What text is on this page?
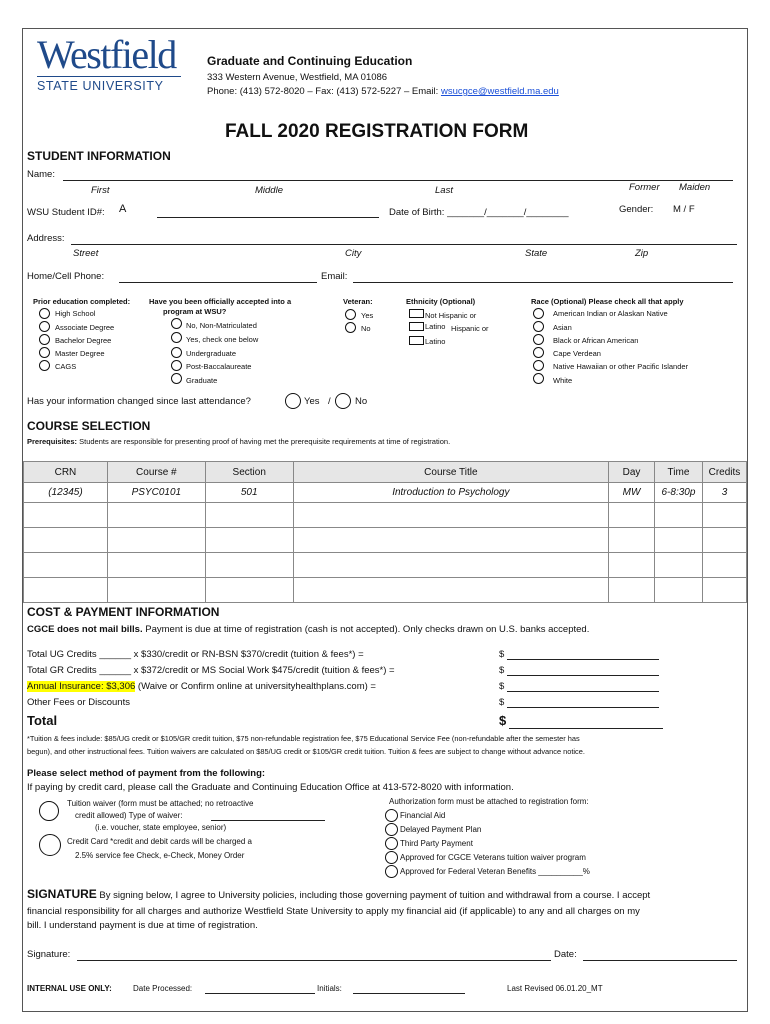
Westfield
STATE UNIVERSITY
Graduate and Continuing Education
333 Western Avenue, Westfield, MA 01086
Phone: (413) 572-8020 – Fax: (413) 572-5227 – Email: wsucgce@westfield.ma.edu
FALL 2020 REGISTRATION FORM
STUDENT INFORMATION
Name:
First	Middle	Last	Former Maiden
WSU Student ID#: A	Date of Birth: _______/_______/________	Gender: M / F
Address:
Street	City	State	Zip
Home/Cell Phone:	Email:
Prior education completed:
High School
Associate Degree
Bachelor Degree
Master Degree
CAGS
Have you been officially accepted into a
program at WSU?
No, Non-Matriculated
Yes, check one below
Undergraduate
Post-Baccalaureate
Graduate
Veteran:
Yes
No
Ethnicity (Optional)
Not Hispanic or
Latino Hispanic or
Latino
Race (Optional) Please check all that apply
American Indian or Alaskan Native
Asian
Black or African American
Cape Verdean
Native Hawaiian or other Pacific Islander
White
Has your information changed since last attendance?	Yes /	No
COURSE SELECTION
Prerequisites: Students are responsible for presenting proof of having met the prerequisite requirements at time of registration.
CRN	Course #	Section	Course Title	Day	Time	Credits
(12345)	PSYC0101	501	Introduction to Psychology	MW	6-8:30p	3

COST & PAYMENT INFORMATION
CGCE does not mail bills. Payment is due at time of registration (cash is not accepted). Only checks drawn on U.S. banks accepted.
Total UG Credits ______ x $330/credit or RN-BSN $370/credit (tuition & fees*) =	$
Total GR Credits ______ x $372/credit or MS Social Work $475/credit (tuition & fees*) =	$
Annual Insurance: $3,306 (Waive or Confirm online at universityhealthplans.com) =	$
Other Fees or Discounts	$
Total	$
*Tuition & fees include: $85/UG credit or $105/GR credit tuition, $75 non-refundable registration fee, $75 Educational Service Fee (non-refundable after the semester has
begun), and other instructional fees. Tuition waivers are calculated on $85/UG credit or $105/GR credit tuition. Tuition & fees are subject to change without advance notice.
Please select method of payment from the following:
If paying by credit card, please call the Graduate and Continuing Education Office at 413-572-8020 with information.
Tuition waiver (form must be attached; no retroactive
credit allowed) Type of waiver:
(i.e. voucher, state employee, senior)
Credit Card *credit and debit cards will be charged a
2.5% service fee Check, e-Check, Money Order
Authorization form must be attached to registration form:
Financial Aid
Delayed Payment Plan
Third Party Payment
Approved for CGCE Veterans tuition waiver program
Approved for Federal Veteran Benefits __________%
SIGNATURE By signing below, I agree to University policies, including those governing payment of tuition and withdrawal from a course. I accept
financial responsibility for all charges and authorize Westfield State University to apply my financial aid (if applicable) to any and all charges on my
bill. I understand payment is due at time of registration.
Signature:	Date:
INTERNAL USE ONLY:	Date Processed:	Initials:	Last Revised 06.01.20_MT
